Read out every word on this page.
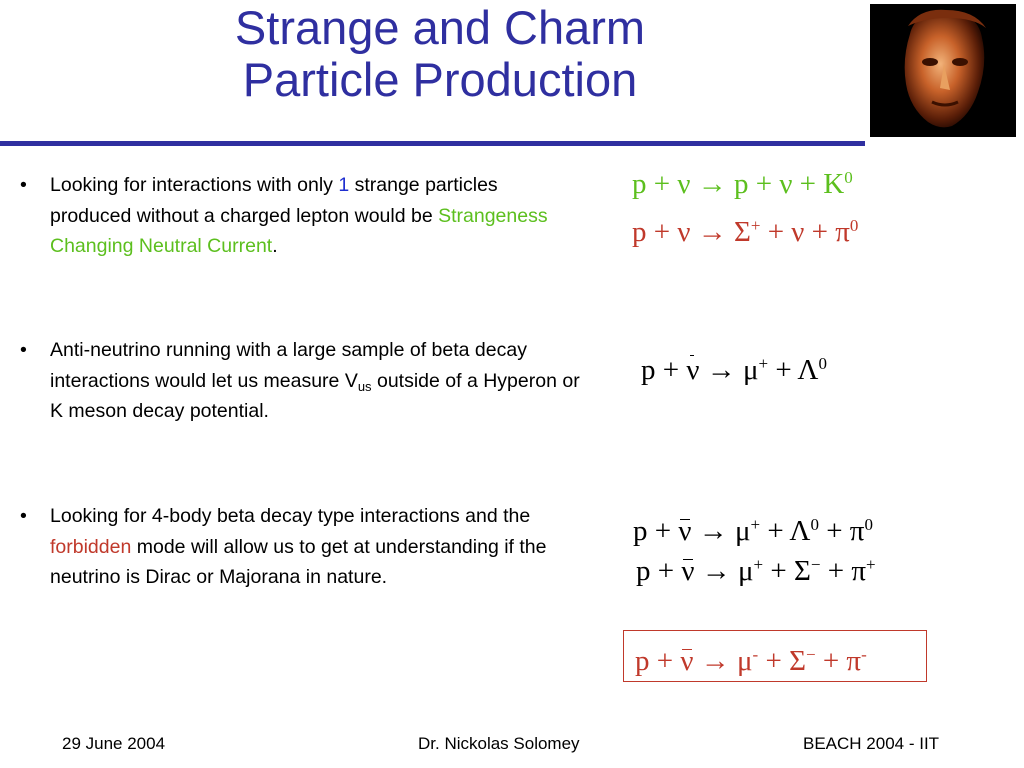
Strange and Charm
Particle Production
• Looking for interactions with only 1 strange particles produced without a charged lepton would be Strangeness Changing Neutral Current.
• Anti-neutrino running with a large sample of beta decay interactions would let us measure $V_{us}$ outside of a Hyperon or K meson decay potential.
• Looking for 4-body beta decay type interactions and the forbidden mode will allow us to get at understanding if the neutrino is Dirac or Majorana in nature.
$p + \nu \to p + \nu + K^0$
$p + \nu \to \Sigma^+ + \nu + \pi^0$
$p + \nu \to \mu^+ + \Lambda^0$
$p + \nu \to \mu^+ + \Lambda^0 + \pi^0$
p + ν → μ+ + Σ− + π+
p + ν → μ- + Σ− + π-
29 June 2004	Dr. Nickolas Solomey	BEACH 2004 - IIT
